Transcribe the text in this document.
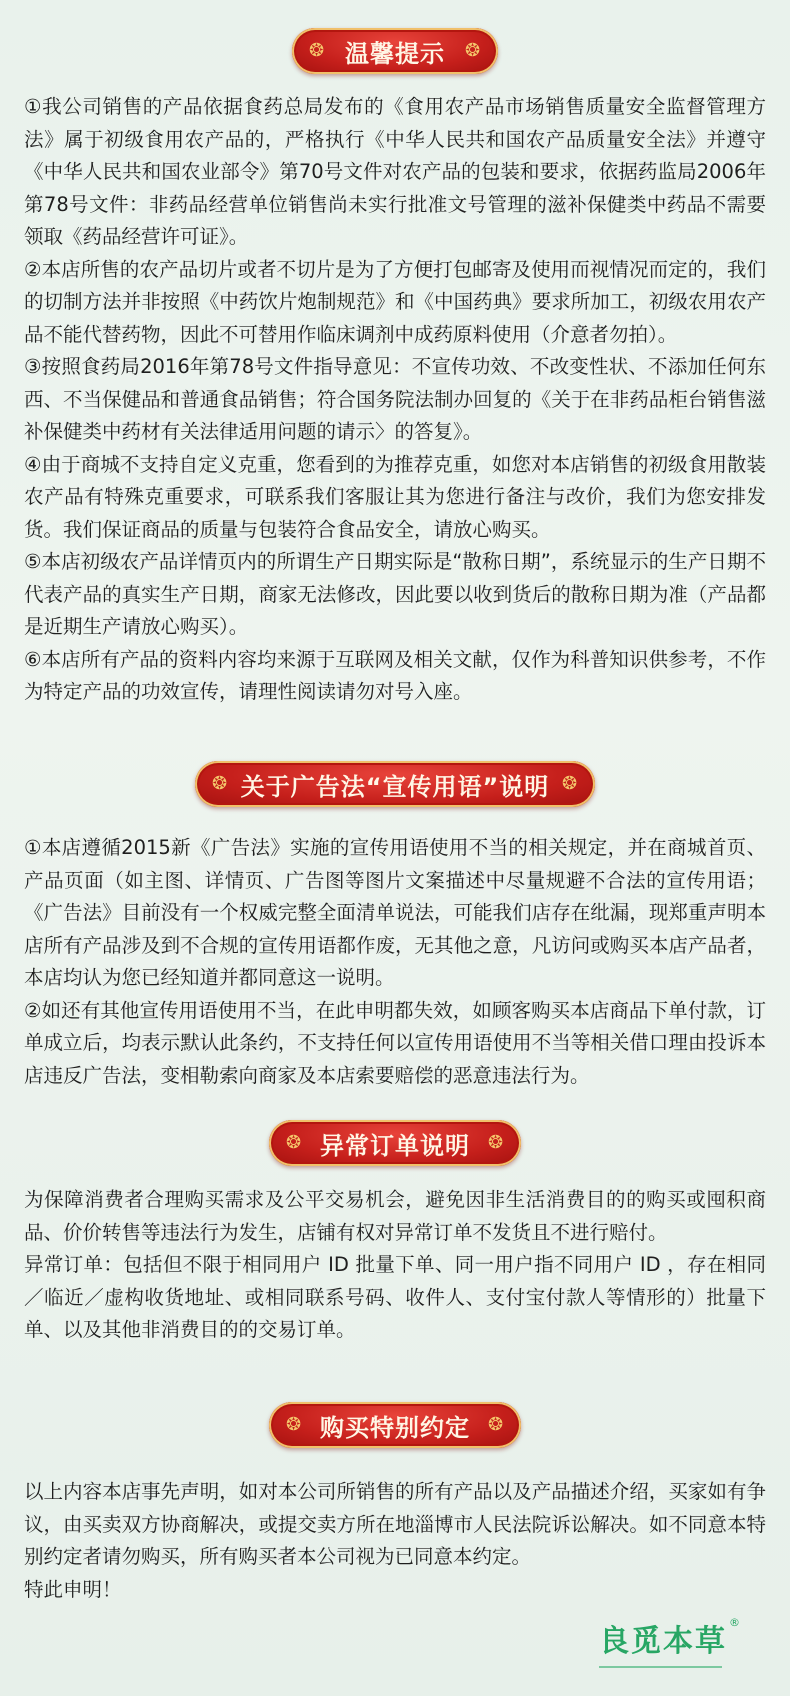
❂ 温馨提示 ❂

①我公司销售的产品依据食药总局发布的《食用农产品市场销售质量安全监督管理方法》属于初级食用农产品的，严格执行《中华人民共和国农产品质量安全法》并遵守《中华人民共和国农业部令》第70号文件对农产品的包装和要求，依据药监局2006年第78号文件：非药品经营单位销售尚未实行批准文号管理的滋补保健类中药品不需要领取《药品经营许可证》。

②本店所售的农产品切片或者不切片是为了方便打包邮寄及使用而视情况而定的，我们的切制方法并非按照《中药饮片炮制规范》和《中国药典》要求所加工，初级农用农产品不能代替药物，因此不可替用作临床调剂中成药原料使用（介意者勿拍）。

③按照食药局2016年第78号文件指导意见：不宣传功效、不改变性状、不添加任何东西、不当保健品和普通食品销售；符合国务院法制办回复的《关于在非药品柜台销售滋补保健类中药材有关法律适用问题的请示〉的答复》。

④由于商城不支持自定义克重，您看到的为推荐克重，如您对本店销售的初级食用散装农产品有特殊克重要求，可联系我们客服让其为您进行备注与改价，我们为您安排发货。我们保证商品的质量与包装符合食品安全，请放心购买。

⑤本店初级农产品详情页内的所谓生产日期实际是“散称日期”，系统显示的生产日期不代表产品的真实生产日期，商家无法修改，因此要以收到货后的散称日期为准（产品都是近期生产请放心购买）。

⑥本店所有产品的资料内容均来源于互联网及相关文献，仅作为科普知识供参考，不作为特定产品的功效宣传，请理性阅读请勿对号入座。

❂ 关于广告法“宣传用语”说明 ❂

①本店遵循2015新《广告法》实施的宣传用语使用不当的相关规定，并在商城首页、产品页面（如主图、详情页、广告图等图片文案描述中尽量规避不合法的宣传用语；《广告法》目前没有一个权威完整全面清单说法，可能我们店存在纰漏，现郑重声明本店所有产品涉及到不合规的宣传用语都作废，无其他之意，凡访问或购买本店产品者，本店均认为您已经知道并都同意这一说明。

②如还有其他宣传用语使用不当，在此申明都失效，如顾客购买本店商品下单付款，订单成立后，均表示默认此条约，不支持任何以宣传用语使用不当等相关借口理由投诉本店违反广告法，变相勒索向商家及本店索要赔偿的恶意违法行为。

❂ 异常订单说明 ❂

为保障消费者合理购买需求及公平交易机会，避免因非生活消费目的的购买或囤积商品、价价转售等违法行为发生，店铺有权对异常订单不发货且不进行赔付。

异常订单：包括但不限于相同用户 ID 批量下单、同一用户指不同用户 ID ，存在相同／临近／虚构收货地址、或相同联系号码、收件人、支付宝付款人等情形的）批量下单、以及其他非消费目的的交易订单。

❂ 购买特别约定 ❂

以上内容本店事先声明，如对本公司所销售的所有产品以及产品描述介绍，买家如有争议，由买卖双方协商解决，或提交卖方所在地淄博市人民法院诉讼解决。如不同意本特别约定者请勿购买，所有购买者本公司视为已同意本约定。

特此申明！

良觅本草
®
